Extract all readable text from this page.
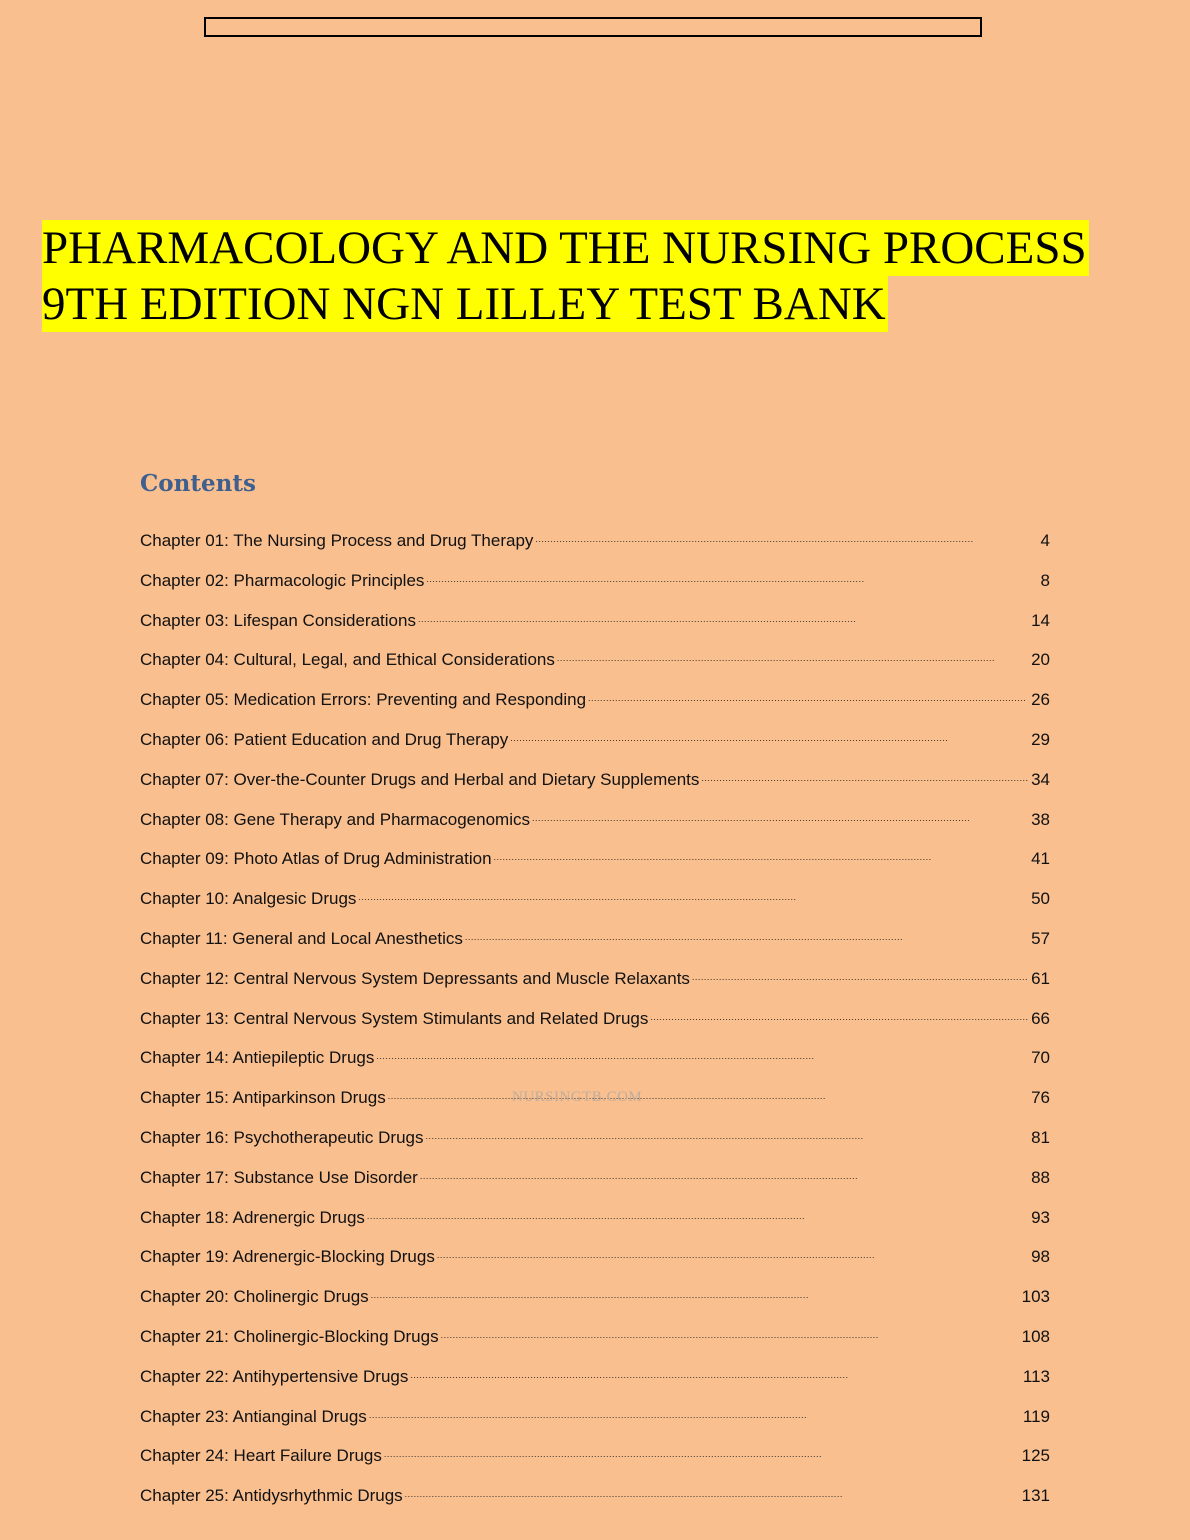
PHARMACOLOGY AND THE NURSING PROCESS
9TH EDITION NGN LILLEY TEST BANK
Contents
Chapter 01: The Nursing Process and Drug Therapy . . .	4
Chapter 02: Pharmacologic Principles . . .	8
Chapter 03: Lifespan Considerations . . .	14
Chapter 04: Cultural, Legal, and Ethical Considerations . . .	20
Chapter 05: Medication Errors: Preventing and Responding . . .	26
Chapter 06: Patient Education and Drug Therapy . . .	29
Chapter 07: Over-the-Counter Drugs and Herbal and Dietary Supplements . . .	34
Chapter 08: Gene Therapy and Pharmacogenomics . . .	38
Chapter 09: Photo Atlas of Drug Administration . . .	41
Chapter 10: Analgesic Drugs . . .	50
Chapter 11: General and Local Anesthetics . . .	57
Chapter 12: Central Nervous System Depressants and Muscle Relaxants . . .	61
Chapter 13: Central Nervous System Stimulants and Related Drugs . . .	66
Chapter 14: Antiepileptic Drugs . . .	70
Chapter 15: Antiparkinson Drugs . . .	76
Chapter 16: Psychotherapeutic Drugs . . .	81
Chapter 17: Substance Use Disorder . . .	88
Chapter 18: Adrenergic Drugs . . .	93
Chapter 19: Adrenergic-Blocking Drugs . . .	98
Chapter 20: Cholinergic Drugs . . .	103
Chapter 21: Cholinergic-Blocking Drugs . . .	108
Chapter 22: Antihypertensive Drugs . . .	113
Chapter 23: Antianginal Drugs . . .	119
Chapter 24: Heart Failure Drugs . . .	125
Chapter 25: Antidysrhythmic Drugs . . .	131
NURSINGTB.COM
